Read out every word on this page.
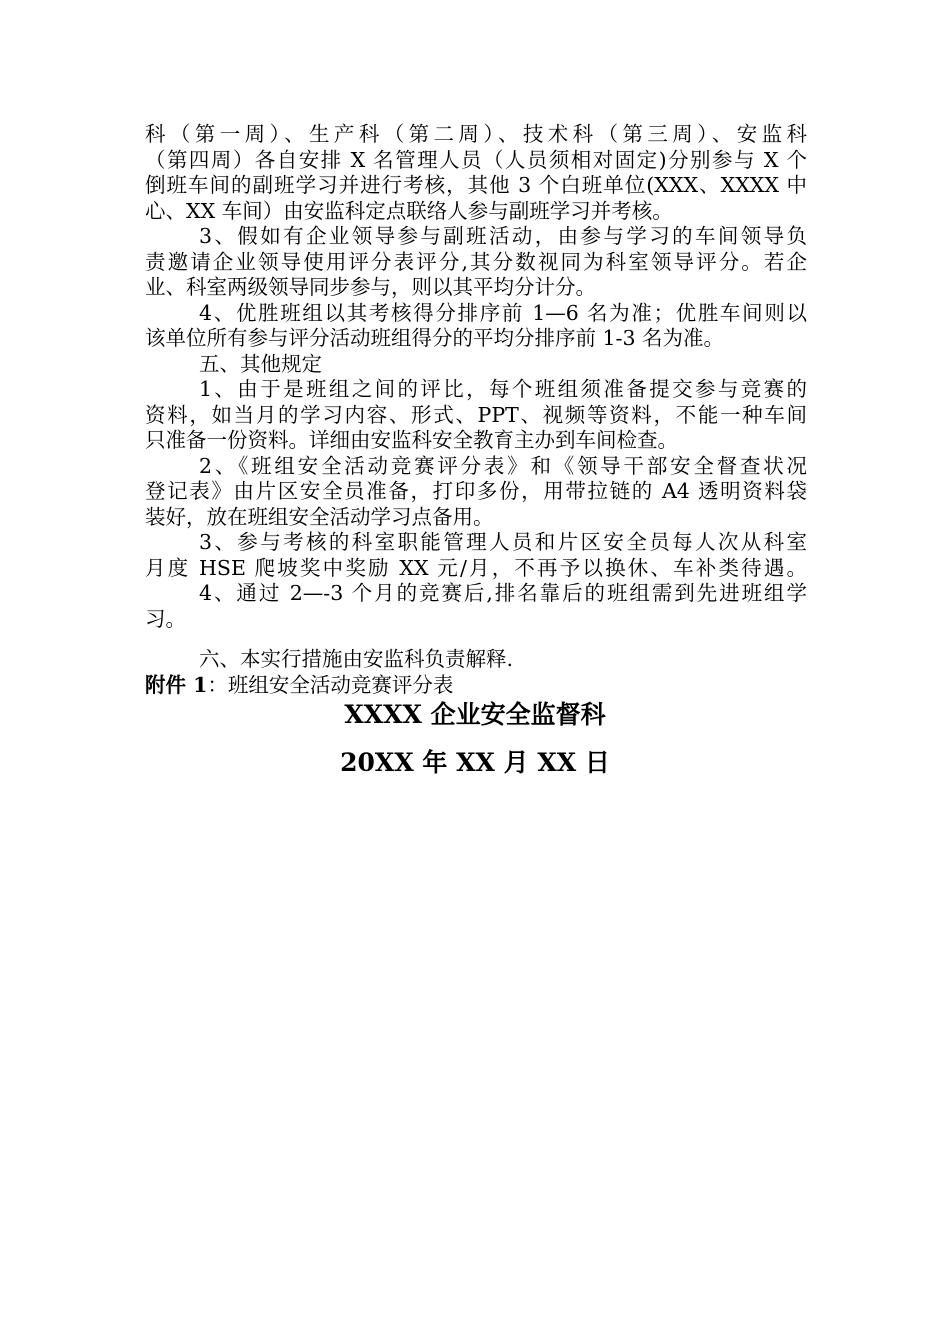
科（第一周）、生产科（第二周）、技术科（第三周）、安监科
（第四周）各自安排 X 名管理人员（人员须相对固定)分别参与 X 个
倒班车间的副班学习并进行考核，其他 3 个白班单位(XXX、XXXX 中
心、XX 车间）由安监科定点联络人参与副班学习并考核。
3、假如有企业领导参与副班活动，由参与学习的车间领导负
责邀请企业领导使用评分表评分,其分数视同为科室领导评分。若企
业、科室两级领导同步参与，则以其平均分计分。
4、优胜班组以其考核得分排序前 1—6 名为准；优胜车间则以
该单位所有参与评分活动班组得分的平均分排序前 1-3 名为准。
五、其他规定
1、由于是班组之间的评比，每个班组须准备提交参与竞赛的
资料，如当月的学习内容、形式、PPT、视频等资料，不能一种车间
只准备一份资料。详细由安监科安全教育主办到车间检查。
2、《班组安全活动竞赛评分表》和《领导干部安全督查状况
登记表》由片区安全员准备，打印多份，用带拉链的 A4 透明资料袋
装好，放在班组安全活动学习点备用。
3、参与考核的科室职能管理人员和片区安全员每人次从科室
月度 HSE 爬坡奖中奖励 XX 元/月，不再予以换休、车补类待遇。
4、通过 2—-3 个月的竞赛后,排名靠后的班组需到先进班组学
习。
六、本实行措施由安监科负责解释.
附件 1：班组安全活动竞赛评分表
XXXX 企业安全监督科
20XX 年 XX 月 XX 日
